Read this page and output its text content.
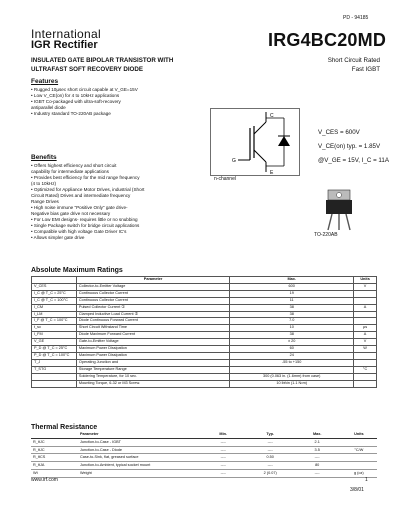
PD - 94185
International
IGR Rectifier	IRG4BC20MD
INSULATED GATE BIPOLAR TRANSISTOR WITH
ULTRAFAST SOFT RECOVERY DIODE
Short Circuit Rated
Fast IGBT
Features
• Rugged 10µsec short circuit capable at V_GE=15V
• Low V_CE(on) for 4 to 10kHz applications
• IGBT Co-packaged with ultra-soft-recovery
antiparallel diode
• Industry standard TO-220AB package
Benefits
• Offers highest efficiency and short circuit
capability for intermediate applications
• Provides best efficiency for the mid range frequency
(4 to 10kHz)
• Optimized for Appliance Motor Drives, industrial (Short
Circuit Rated) Drives and intermediate frequency
Range Drives
• High noise immune "Positive Only" gate drive-
Negative bias gate drive not necessary
• For Low EMI designs- requires little or no snubbing
• Single Package switch for bridge circuit applications
• Compatible with high voltage Gate Driver IC's
• Allows simpler gate drive
C
G
E
n-channel
V_CES = 600V
V_CE(on) typ. = 1.85V
@V_GE = 15V, I_C = 11A
TO-220AB
Absolute Maximum Ratings
	Parameter	Max.	Units
V_CES	Collector-to-Emitter Voltage	600	V
I_C @ T_C = 25°C	Continuous Collector Current	19	
I_C @ T_C = 100°C	Continuous Collector Current	11	
I_CM	Pulsed Collector Current ①	38	A
I_LM	Clamped Inductive Load Current ②	38	
I_F @ T_C = 100°C	Diode Continuous Forward Current	7.0	
t_sc	Short Circuit Withstand Time	10	µs
I_FM	Diode Maximum Forward Current	38	A
V_GE	Gate-to-Emitter Voltage	± 20	V
P_D @ T_C = 25°C	Maximum Power Dissipation	60	W
P_D @ T_C = 100°C	Maximum Power Dissipation	24	
T_J	Operating Junction and	-55 to +150	
T_STG	Storage Temperature Range		°C
	Soldering Temperature, for 10 sec.	300 (0.063 in. (1.6mm) from case)	
	Mounting Torque, 6-32 or M3 Screw.	10 lbf•in (1.1 N•m)	
Thermal Resistance
	Parameter	Min.	Typ.	Max.	Units
R_θJC	Junction-to-Case - IGBT	----	----	2.1	
R_θJC	Junction-to-Case - Diode	----	----	3.5	°C/W
R_θCS	Case-to-Sink, flat, greased surface	----	0.50	----	
R_θJA	Junction-to-Ambient, typical socket mount	----	----	80	
Wt	Weight	----	2 (0.07)	----	g (oz)
www.irf.com	1
3/8/01
